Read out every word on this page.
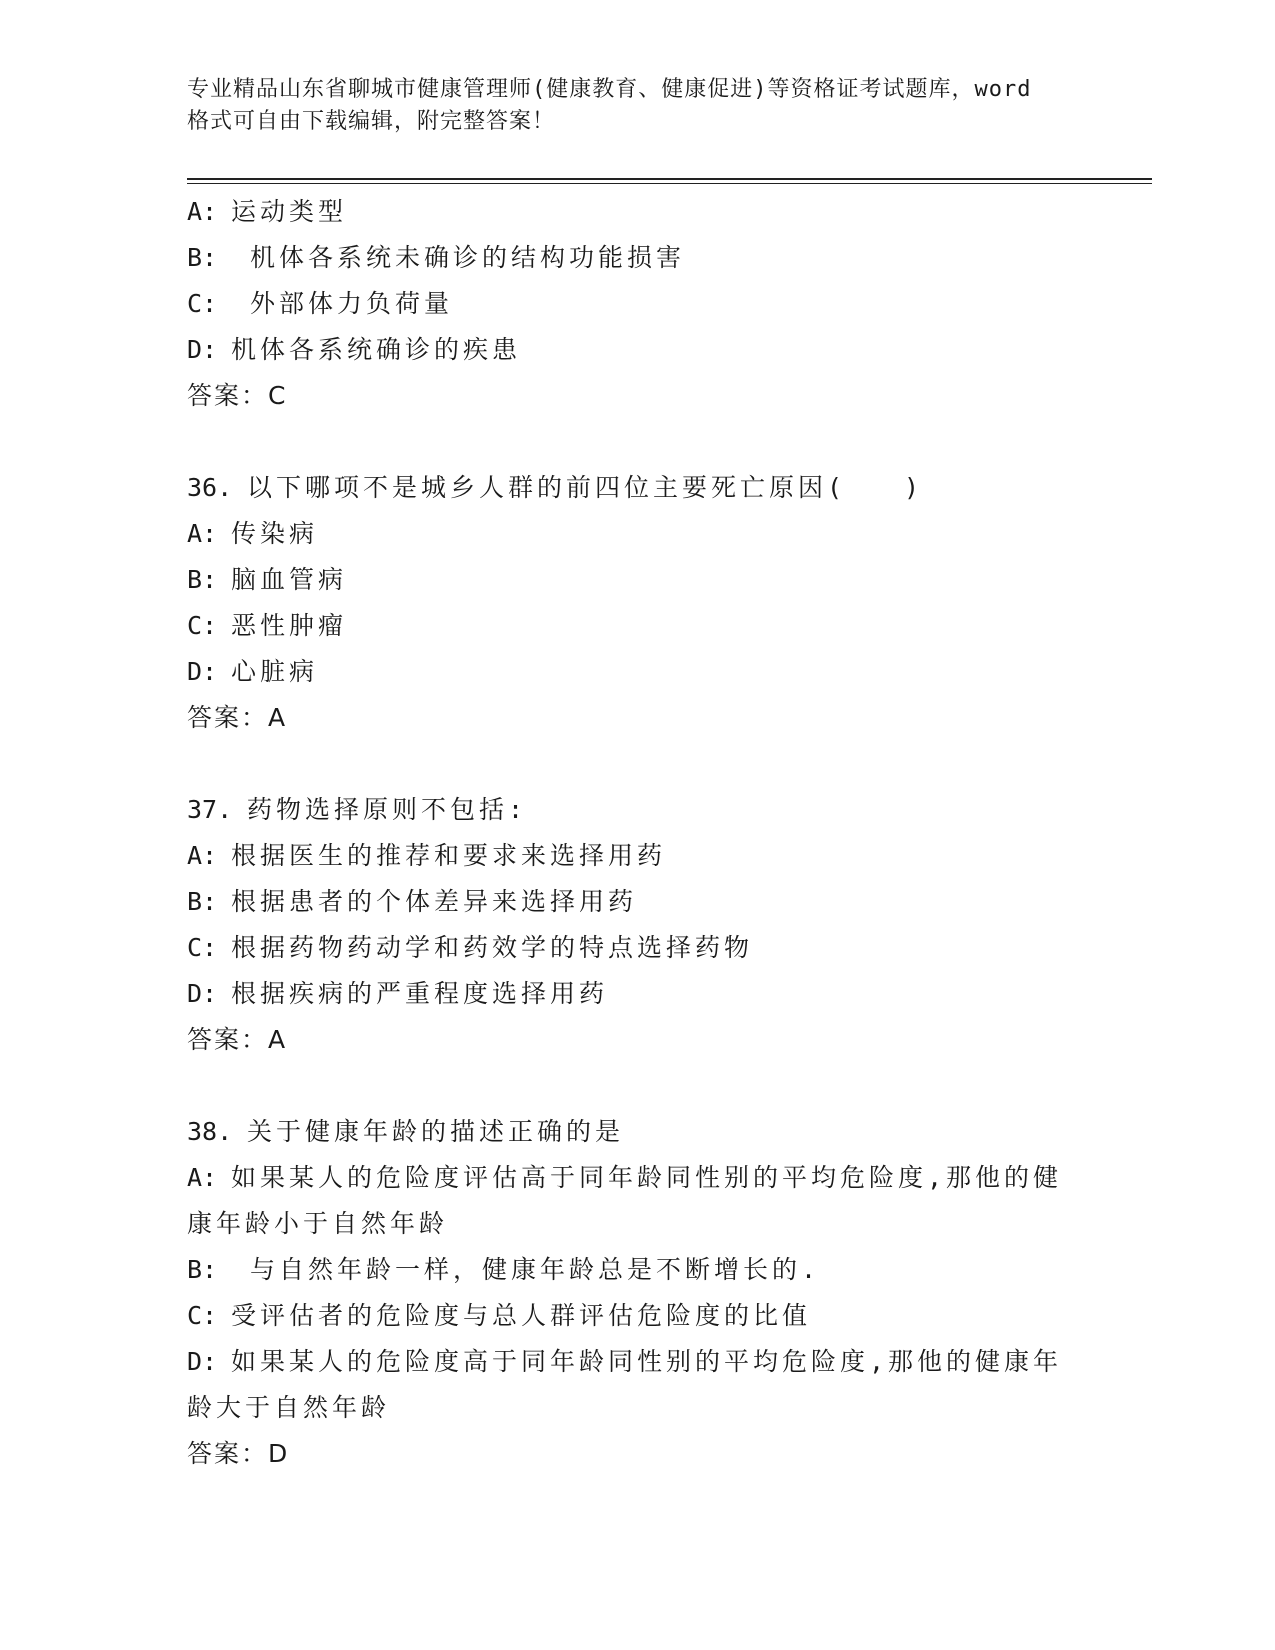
专业精品山东省聊城市健康管理师(健康教育、健康促进)等资格证考试题库，word
格式可自由下载编辑，附完整答案！
A: 运动类型
B: 机体各系统未确诊的结构功能损害
C: 外部体力负荷量
D: 机体各系统确诊的疾患
答案：C
36. 以下哪项不是城乡人群的前四位主要死亡原因(　　)
A: 传染病
B: 脑血管病
C: 恶性肿瘤
D: 心脏病
答案：A
37. 药物选择原则不包括:
A: 根据医生的推荐和要求来选择用药
B: 根据患者的个体差异来选择用药
C: 根据药物药动学和药效学的特点选择药物
D: 根据疾病的严重程度选择用药
答案：A
38. 关于健康年龄的描述正确的是
A: 如果某人的危险度评估高于同年龄同性别的平均危险度,那他的健
康年龄小于自然年龄
B: 与自然年龄一样，健康年龄总是不断增长的.
C: 受评估者的危险度与总人群评估危险度的比值
D: 如果某人的危险度高于同年龄同性别的平均危险度,那他的健康年
龄大于自然年龄
答案：D
